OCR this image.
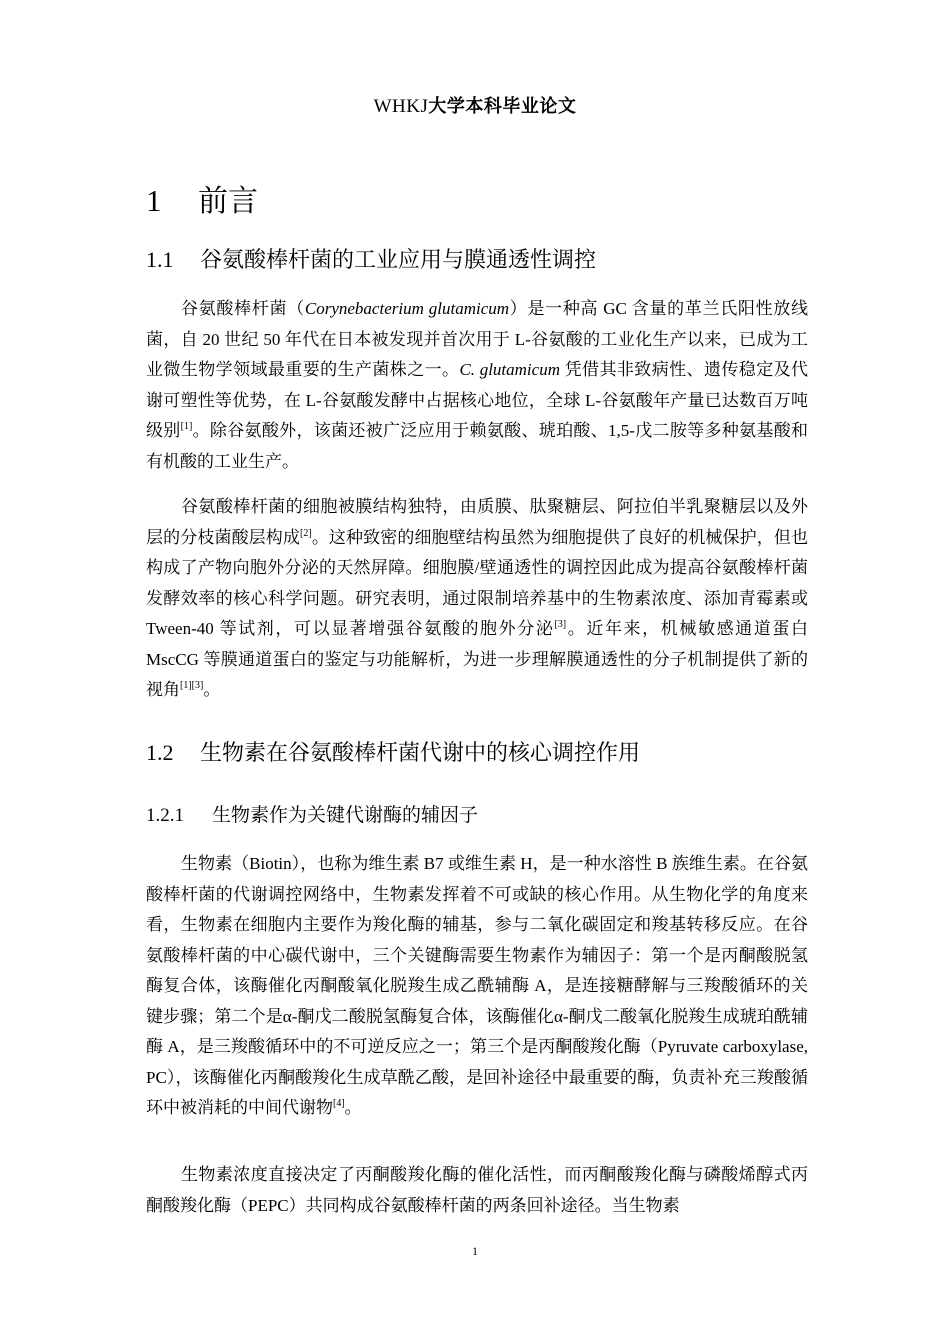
WHKJ大学本科毕业论文
1 前言
1.1 谷氨酸棒杆菌的工业应用与膜通透性调控

谷氨酸棒杆菌（Corynebacterium glutamicum）是一种高 GC 含量的革兰氏阳性放线菌，自 20 世纪 50 年代在日本被发现并首次用于 L-谷氨酸的工业化生产以来，已成为工业微生物学领域最重要的生产菌株之一。C. glutamicum 凭借其非致病性、遗传稳定及代谢可塑性等优势，在 L-谷氨酸发酵中占据核心地位，全球 L-谷氨酸年产量已达数百万吨级别[1]。除谷氨酸外，该菌还被广泛应用于赖氨酸、琥珀酸、1,5-戊二胺等多种氨基酸和有机酸的工业生产。

谷氨酸棒杆菌的细胞被膜结构独特，由质膜、肽聚糖层、阿拉伯半乳聚糖层以及外层的分枝菌酸层构成[2]。这种致密的细胞壁结构虽然为细胞提供了良好的机械保护，但也构成了产物向胞外分泌的天然屏障。细胞膜/壁通透性的调控因此成为提高谷氨酸棒杆菌发酵效率的核心科学问题。研究表明，通过限制培养基中的生物素浓度、添加青霉素或 Tween-40 等试剂，可以显著增强谷氨酸的胞外分泌[3]。近年来，机械敏感通道蛋白 MscCG 等膜通道蛋白的鉴定与功能解析，为进一步理解膜通透性的分子机制提供了新的视角[1][3]。

1.2 生物素在谷氨酸棒杆菌代谢中的核心调控作用
1.2.1 生物素作为关键代谢酶的辅因子

生物素（Biotin），也称为维生素 B7 或维生素 H，是一种水溶性 B 族维生素。在谷氨酸棒杆菌的代谢调控网络中，生物素发挥着不可或缺的核心作用。从生物化学的角度来看，生物素在细胞内主要作为羧化酶的辅基，参与二氧化碳固定和羧基转移反应。在谷氨酸棒杆菌的中心碳代谢中，三个关键酶需要生物素作为辅因子：第一个是丙酮酸脱氢酶复合体，该酶催化丙酮酸氧化脱羧生成乙酰辅酶 A，是连接糖酵解与三羧酸循环的关键步骤；第二个是α-酮戊二酸脱氢酶复合体，该酶催化α-酮戊二酸氧化脱羧生成琥珀酰辅酶 A，是三羧酸循环中的不可逆反应之一；第三个是丙酮酸羧化酶（Pyruvate carboxylase, PC），该酶催化丙酮酸羧化生成草酰乙酸，是回补途径中最重要的酶，负责补充三羧酸循环中被消耗的中间代谢物[4]。

生物素浓度直接决定了丙酮酸羧化酶的催化活性，而丙酮酸羧化酶与磷酸烯醇式丙酮酸羧化酶（PEPC）共同构成谷氨酸棒杆菌的两条回补途径。当生物素

1
